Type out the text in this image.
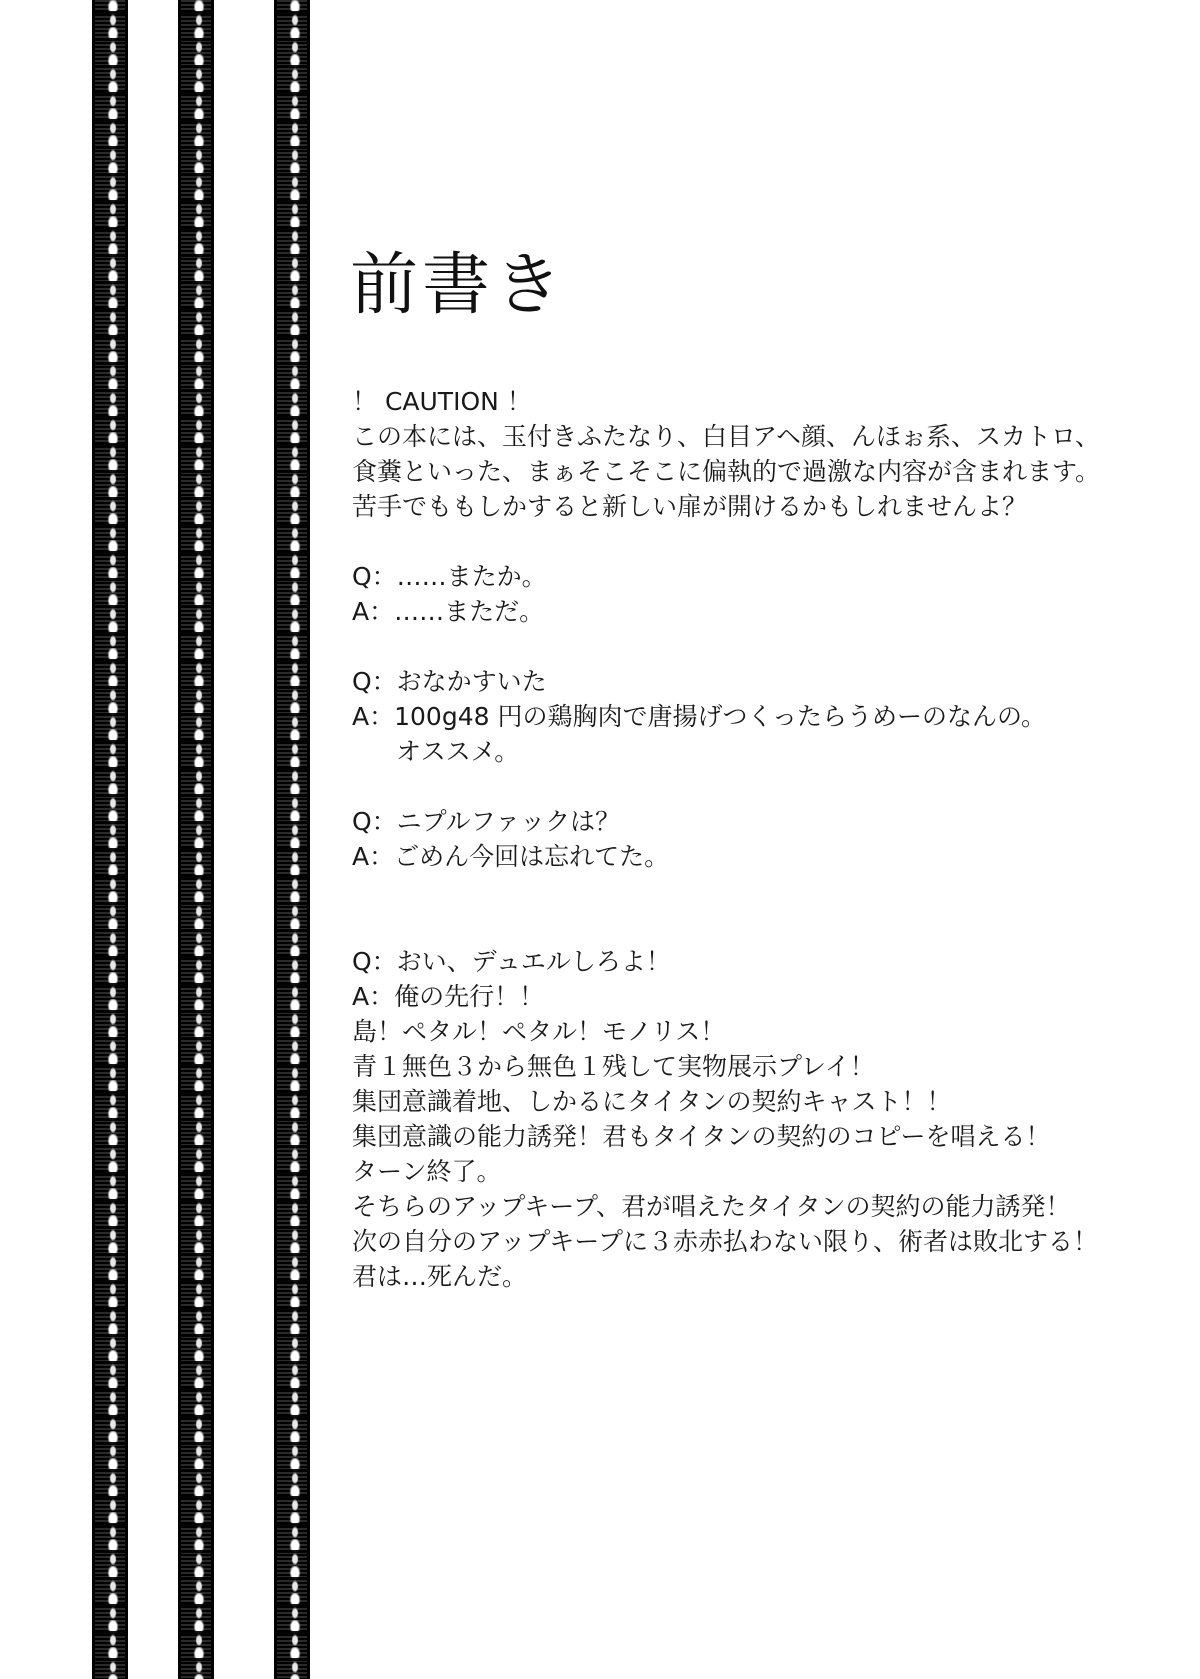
前書き
！ CAUTION ！
この本には、玉付きふたなり、白目アヘ顔、んほぉ系、スカトロ、
食糞といった、まぁそこそこに偏執的で過激な内容が含まれます。
苦手でももしかすると新しい扉が開けるかもしれませんよ？
Q：……またか。
A：……まただ。
Q：おなかすいた
A：100g48 円の鶏胸肉で唐揚げつくったらうめーのなんの。
オススメ。
Q：ニプルファックは？
A：ごめん今回は忘れてた。
Q：おい、デュエルしろよ！
A：俺の先行！！
島！ペタル！ペタル！モノリス！
青１無色３から無色１残して実物展示プレイ！
集団意識着地、しかるにタイタンの契約キャスト！！
集団意識の能力誘発！君もタイタンの契約のコピーを唱える！
ターン終了。
そちらのアップキープ、君が唱えたタイタンの契約の能力誘発！
次の自分のアップキープに３赤赤払わない限り、術者は敗北する！
君は…死んだ。
